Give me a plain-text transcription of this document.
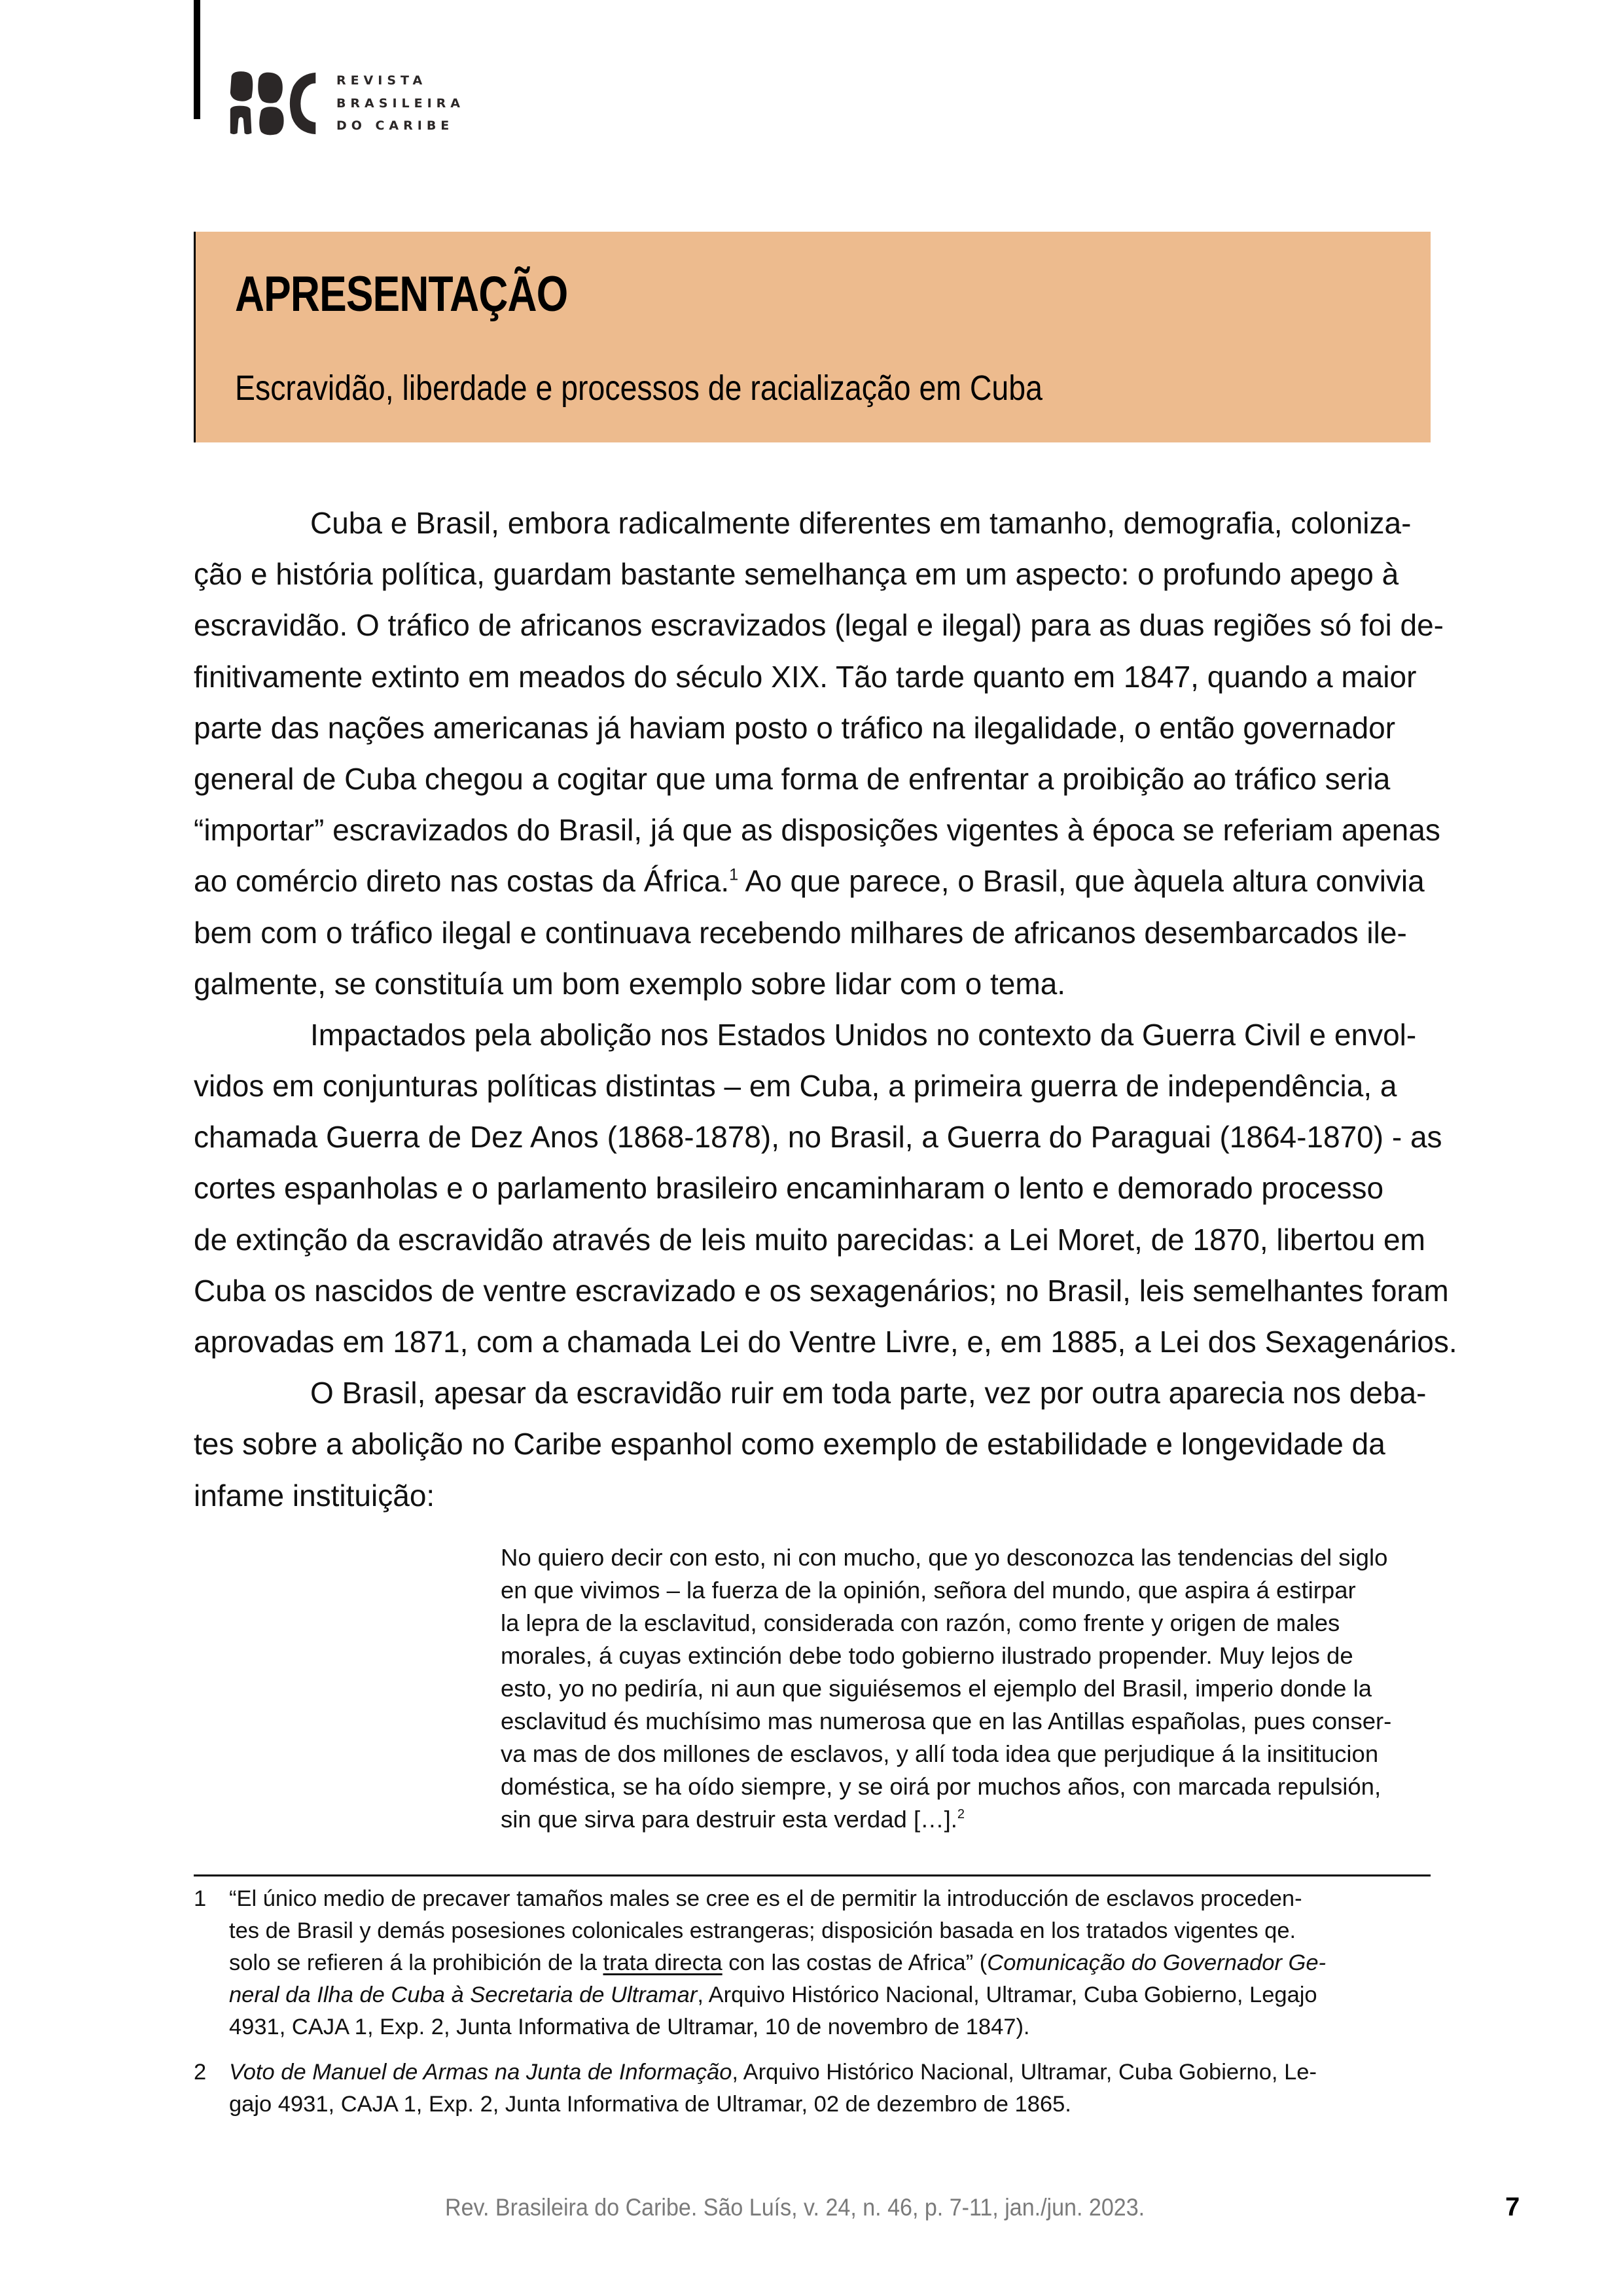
REVISTA
BRASILEIRA
DO CARIBE
APRESENTAÇÃO
Escravidão, liberdade e processos de racialização em Cuba
Cuba e Brasil, embora radicalmente diferentes em tamanho, demografia, coloniza-
ção e história política, guardam bastante semelhança em um aspecto: o profundo apego à
escravidão. O tráfico de africanos escravizados (legal e ilegal) para as duas regiões só foi de-
finitivamente extinto em meados do século XIX. Tão tarde quanto em 1847, quando a maior
parte das nações americanas já haviam posto o tráfico na ilegalidade, o então governador
general de Cuba chegou a cogitar que uma forma de enfrentar a proibição ao tráfico seria
“importar” escravizados do Brasil, já que as disposições vigentes à época se referiam apenas
ao comércio direto nas costas da África.$^1$ Ao que parece, o Brasil, que àquela altura convivia
bem com o tráfico ilegal e continuava recebendo milhares de africanos desembarcados ile-
galmente, se constituía um bom exemplo sobre lidar com o tema.
Impactados pela abolição nos Estados Unidos no contexto da Guerra Civil e envol-
vidos em conjunturas políticas distintas – em Cuba, a primeira guerra de independência, a
chamada Guerra de Dez Anos (1868-1878), no Brasil, a Guerra do Paraguai (1864-1870) - as
cortes espanholas e o parlamento brasileiro encaminharam o lento e demorado processo
de extinção da escravidão através de leis muito parecidas: a Lei Moret, de 1870, libertou em
Cuba os nascidos de ventre escravizado e os sexagenários; no Brasil, leis semelhantes foram
aprovadas em 1871, com a chamada Lei do Ventre Livre, e, em 1885, a Lei dos Sexagenários.
O Brasil, apesar da escravidão ruir em toda parte, vez por outra aparecia nos deba-
tes sobre a abolição no Caribe espanhol como exemplo de estabilidade e longevidade da
infame instituição:
No quiero decir con esto, ni con mucho, que yo desconozca las tendencias del siglo
en que vivimos – la fuerza de la opinión, señora del mundo, que aspira á estirpar
la lepra de la esclavitud, considerada con razón, como frente y origen de males
morales, á cuyas extinción debe todo gobierno ilustrado propender. Muy lejos de
esto, yo no pediría, ni aun que siguiésemos el ejemplo del Brasil, imperio donde la
esclavitud és muchísimo mas numerosa que en las Antillas españolas, pues conser-
va mas de dos millones de esclavos, y allí toda idea que perjudique á la insititucion
doméstica, se ha oído siempre, y se oirá por muchos años, con marcada repulsión,
sin que sirva para destruir esta verdad […].$^2$
1 “El único medio de precaver tamaños males se cree es el de permitir la introducción de esclavos proceden-
tes de Brasil y demás posesiones colonicales estrangeras; disposición basada en los tratados vigentes qe.
solo se refieren á la prohibición de la trata directa con las costas de Africa” (Comunicação do Governador Ge-
neral da Ilha de Cuba à Secretaria de Ultramar, Arquivo Histórico Nacional, Ultramar, Cuba Gobierno, Legajo
4931, CAJA 1, Exp. 2, Junta Informativa de Ultramar, 10 de novembro de 1847).
2 Voto de Manuel de Armas na Junta de Informação, Arquivo Histórico Nacional, Ultramar, Cuba Gobierno, Le-
gajo 4931, CAJA 1, Exp. 2, Junta Informativa de Ultramar, 02 de dezembro de 1865.
Rev. Brasileira do Caribe. São Luís, v. 24, n. 46, p. 7-11, jan./jun. 2023.	7
